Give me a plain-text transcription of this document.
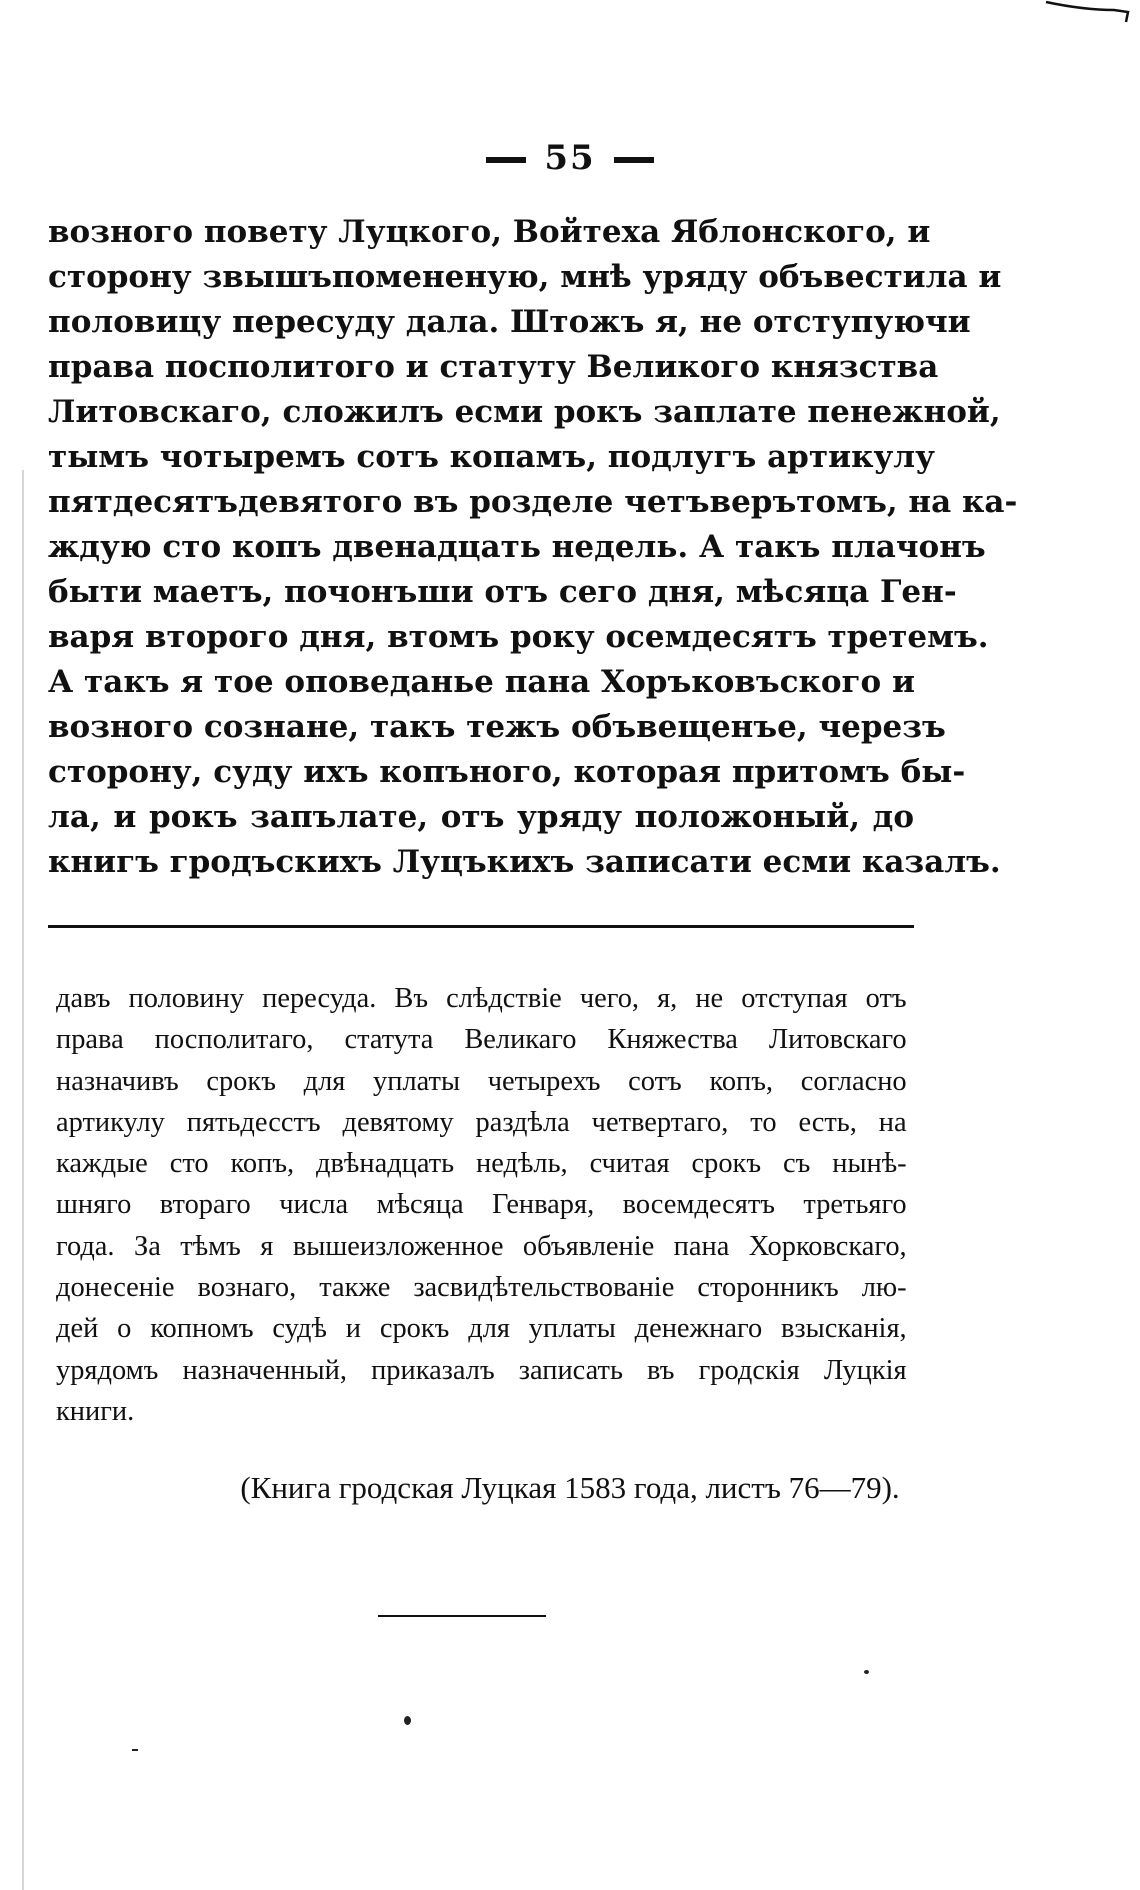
55
возного повету Луцкого, Войтеха Яблонского, и
сторону звышъпомененую, мнѣ уряду объвестила и
половицу пересуду дала. Штожъ я, не отступуючи
права посполитого и статуту Великого князства
Литовскаго, сложилъ есми рокъ заплате пенежной,
тымъ чотыремъ сотъ копамъ, подлугъ артикулу
пятдесятъдевятого въ розделе четъверътомъ, на ка-
ждую сто копъ двенадцать недель. А такъ плачонъ
быти маетъ, почонъши отъ сего дня, мѣсяца Ген-
варя второго дня, втомъ року осемдесятъ третемъ.
А такъ я тое оповеданье пана Хоръковъского и
возного сознане, такъ тежъ объвещенъе, черезъ
сторону, суду ихъ копъного, которая притомъ бы-
ла, и рокъ запълате, отъ уряду положоный, до
книгъ гродъскихъ Луцъкихъ записати есми казалъ.
давъ половину пересуда. Въ слѣдствіе чего, я, не отступая отъ
права посполитаго, статута Великаго Княжества Литовскаго
назначивъ срокъ для уплаты четырехъ сотъ копъ, согласно
артикулу пятьдесстъ девятому раздѣла четвертаго, то есть, на
каждые сто копъ, двѣнадцать недѣль, считая срокъ съ нынѣ-
шняго втораго числа мѣсяца Генваря, восемдесятъ третьяго
года. За тѣмъ я вышеизложенное объявленіе пана Хорковскаго,
донесеніе вознаго, также засвидѣтельствованіе сторонникъ лю-
дей о копномъ судѣ и срокъ для уплаты денежнаго взысканія,
урядомъ назначенный, приказалъ записать въ гродскія Луцкія
книги.
(Книга гродская Луцкая 1583 года, листъ 76—79).
